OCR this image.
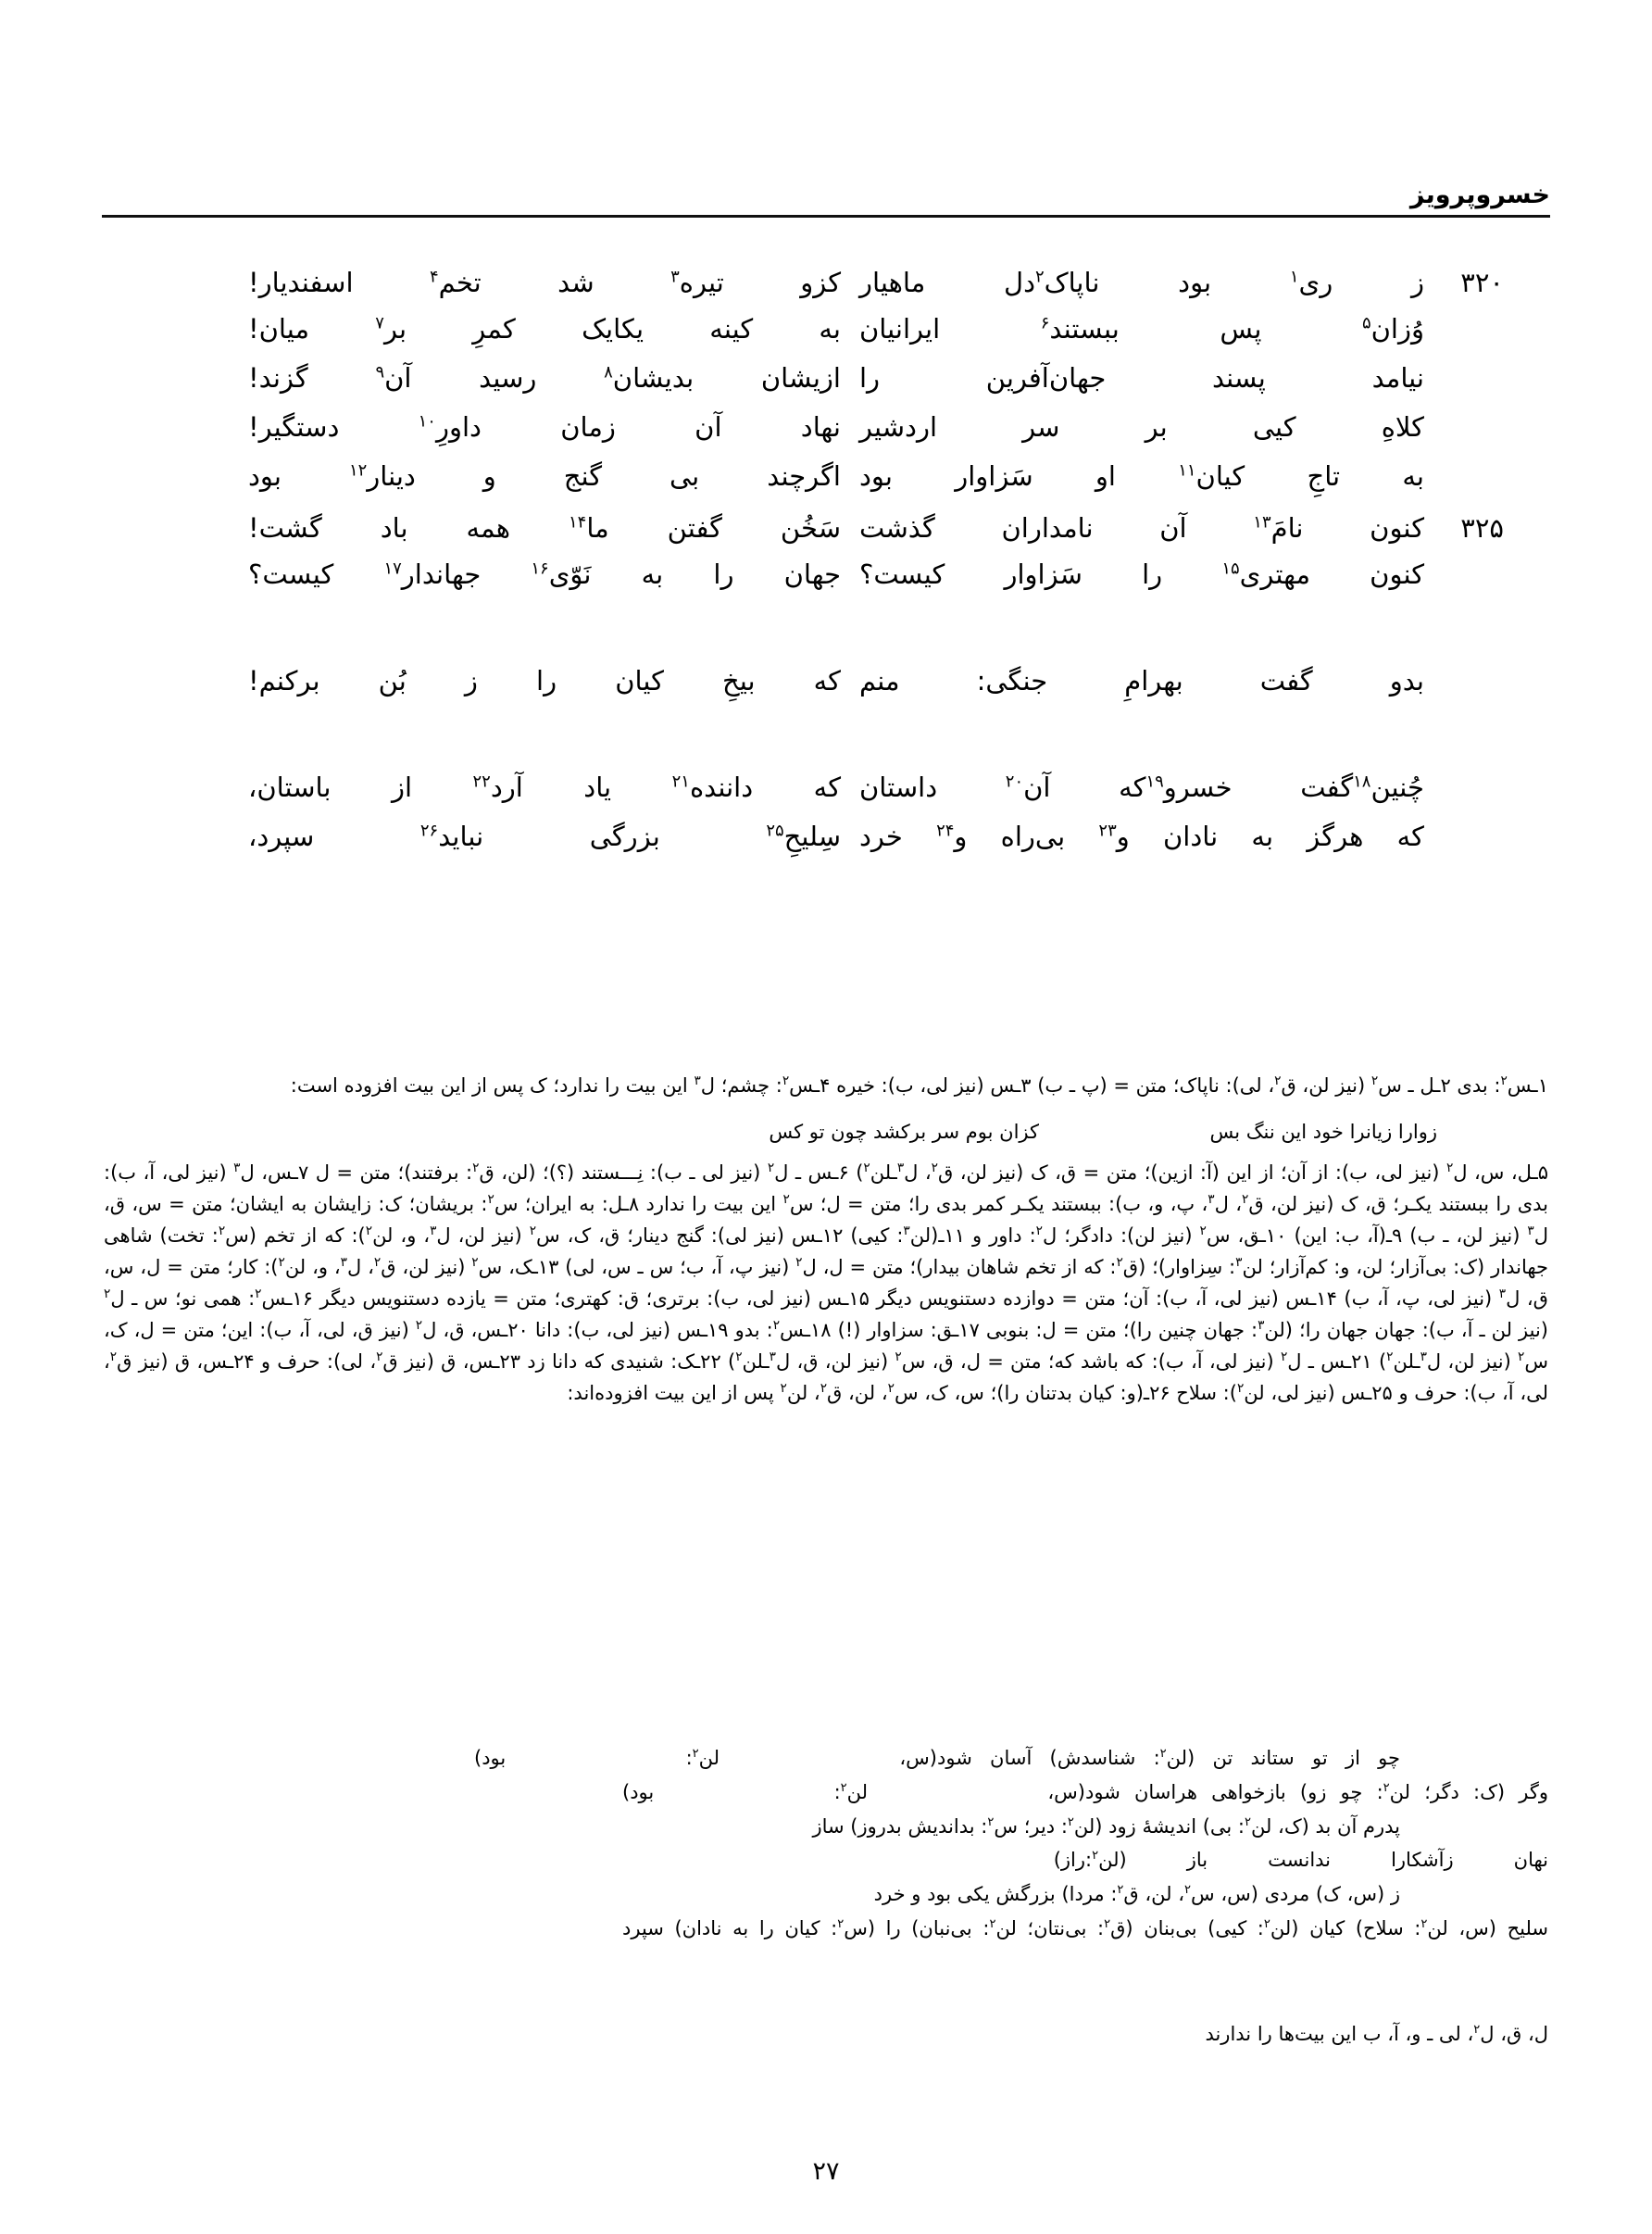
خسروپرویز
۳۲۰
ز ری$^۱$ بود ناپاک$^۲$دل ماهیار
کزو تیره$^۳$ شد تخم$^۴$ اسفندیار!
وُزان$^۵$ پس ببستند$^۶$ ایرانیان
به کینه یکایک کمرِ بر$^۷$ میان!
نیامد پسند جهان‌آفرین را
ازیشان بدیشان$^۸$ رسید آن$^۹$ گزند!
کلاهِ کیی بر سر اردشیر
نهاد آن زمان داورِ$^{۱۰}$ دستگیر!
به تاجِ کیان$^{۱۱}$ او سَزاوار بود
اگرچند بی گنج و دینار$^{۱۲}$ بود
۳۲۵
کنون نامَ$^{۱۳}$ آن نامداران گذشت
سَخُن گفتن ما$^{۱۴}$ همه باد گشت!
کنون مهتری$^{۱۵}$ را سَزاوار کیست؟
جهان را به نَوّی$^{۱۶}$ جهاندار$^{۱۷}$ کیست؟
بدو گفت بهرامِ جنگی: منم
که بیخِ کیان را ز بُن برکنم!
چُنین$^{۱۸}$گفت خسرو$^{۱۹}$که آن$^{۲۰}$ داستان
که داننده$^{۲۱}$ یاد آرد$^{۲۲}$ از باستان،
که هرگز به نادان و$^{۲۳}$ بی‌راه و$^{۲۴}$ خرد
سِلیحِ$^{۲۵}$ بزرگی نباید$^{۲۶}$ سپرد،
۱ـس$^۲$: بدی ۲ـل ـ س$^۲$ (نیز لن، ق$^۲$، لی): ناپاک؛ متن = (پ ـ ب) ۳ـس (نیز لی، ب): خیره ۴ـس$^۲$: چشم؛ ل$^۳$ این بیت را ندارد؛ ک پس از این بیت افزوده است:
زوارا زیانرا خود این ننگ بس
کزان بوم سر برکشد چون تو کس
۵ـل، س، ل$^۲$ (نیز لی، ب): از آن؛ از این (آ: ازین)؛ متن = ق، ک (نیز لن، ق$^۲$، ل$^۳$ـلن$^۲$) ۶ـس ـ ل$^۲$ (نیز لی ـ ب): نِـــستند (؟)؛ (لن، ق$^۲$: برفتند)؛ متن = ل ۷ـس، ل$^۳$ (نیز لی، آ، ب): بدی را ببستند یکـر؛ ق، ک (نیز لن، ق$^۲$، ل$^۳$، پ، و، ب): ببستند یکـر کمر بدی را؛ متن = ل؛ س$^۲$ این بیت را ندارد ۸ـل: به ایران؛ س$^۲$: بریشان؛ ک: زایشان به ایشان؛ متن = س، ق، ل$^۳$ (نیز لن، ـ ب) ۹ـ(آ، ب: این) ۱۰ـق، س$^۲$ (نیز لن): دادگر؛ ل$^۲$: داور و ۱۱ـ(لن$^۳$: کیی) ۱۲ـس (نیز لی): گنج دینار؛ ق، ک، س$^۲$ (نیز لن، ل$^۳$، و، لن$^۲$): که از تخم (س$^۲$: تخت) شاهی جهاندار (ک: بی‌آزار؛ لن، و: کم‌آزار؛ لن$^۳$: سِزاوار)؛ (ق$^۲$: که از تخم شاهان بیدار)؛ متن = ل، ل$^۲$ (نیز پ، آ، ب؛ س ـ س، لی) ۱۳ـک، س$^۲$ (نیز لن، ق$^۲$، ل$^۳$، و، لن$^۲$): کار؛ متن = ل، س، ق، ل$^۳$ (نیز لی، پ، آ، ب) ۱۴ـس (نیز لی، آ، ب): آن؛ متن = دوازده دستنویس دیگر ۱۵ـس (نیز لی، ب): برتری؛ ق: کهتری؛ متن = یازده دستنویس دیگر ۱۶ـس$^۲$: همی نو؛ س ـ ل$^۲$ (نیز لن ـ آ، ب): جهان جهان را؛ (لن$^۳$: جهان چنین را)؛ متن = ل: بنوبی ۱۷ـق: سزاوار (!) ۱۸ـس$^۲$: بدو ۱۹ـس (نیز لی، ب): دانا ۲۰ـس، ق، ل$^۲$ (نیز ق، لی، آ، ب): این؛ متن = ل، ک، س$^۲$ (نیز لن، ل$^۳$ـلن$^۲$) ۲۱ـس ـ ل$^۲$ (نیز لی، آ، ب): که باشد که؛ متن = ل، ق، س$^۲$ (نیز لن، ق، ل$^۳$ـلن$^۲$) ۲۲ـک: شنیدی که دانا زد ۲۳ـس، ق (نیز ق$^۲$، لی): حرف و ۲۴ـس، ق (نیز ق$^۲$، لی، آ، ب): حرف و ۲۵ـس (نیز لی، لن$^۲$): سلاح ۲۶ـ(و: کیان بدتنان را)؛ س، ک، س$^۲$، لن، ق$^۲$، لن$^۲$ پس از این بیت افزوده‌اند:
چو از تو ستاند تن (لن$^۲$: شناسدش) آسان شود
(س، لن$^۲$: بود)
وگر (ک: دگر؛ لن$^۲$: چو زو) بازخواهی هراسان شود
(س، لن$^۲$: بود)
پدرم آن بد (ک، لن$^۲$: بی) اندیشهٔ زود (لن$^۲$: دیر؛ س$^۲$: بداندیش بدروز) ساز
نهان زآشکارا ندانست باز (لن$^۲$:
راز)
ز (س، ک) مردی (س، س$^۲$، لن، ق$^۲$: مردا) بزرگش یکی بود و خرد
سلیح (س، لن$^۲$: سلاح) کیان (لن$^۲$: کیی) بی‌بنان (ق$^۲$: بی‌نتان؛ لن$^۲$: بی‌نبان) را (س$^۲$: کیان را به نادان) سپرد
ل، ق، ل$^۲$، لی ـ و، آ، ب این بیت‌ها را ندارند
۲۷
